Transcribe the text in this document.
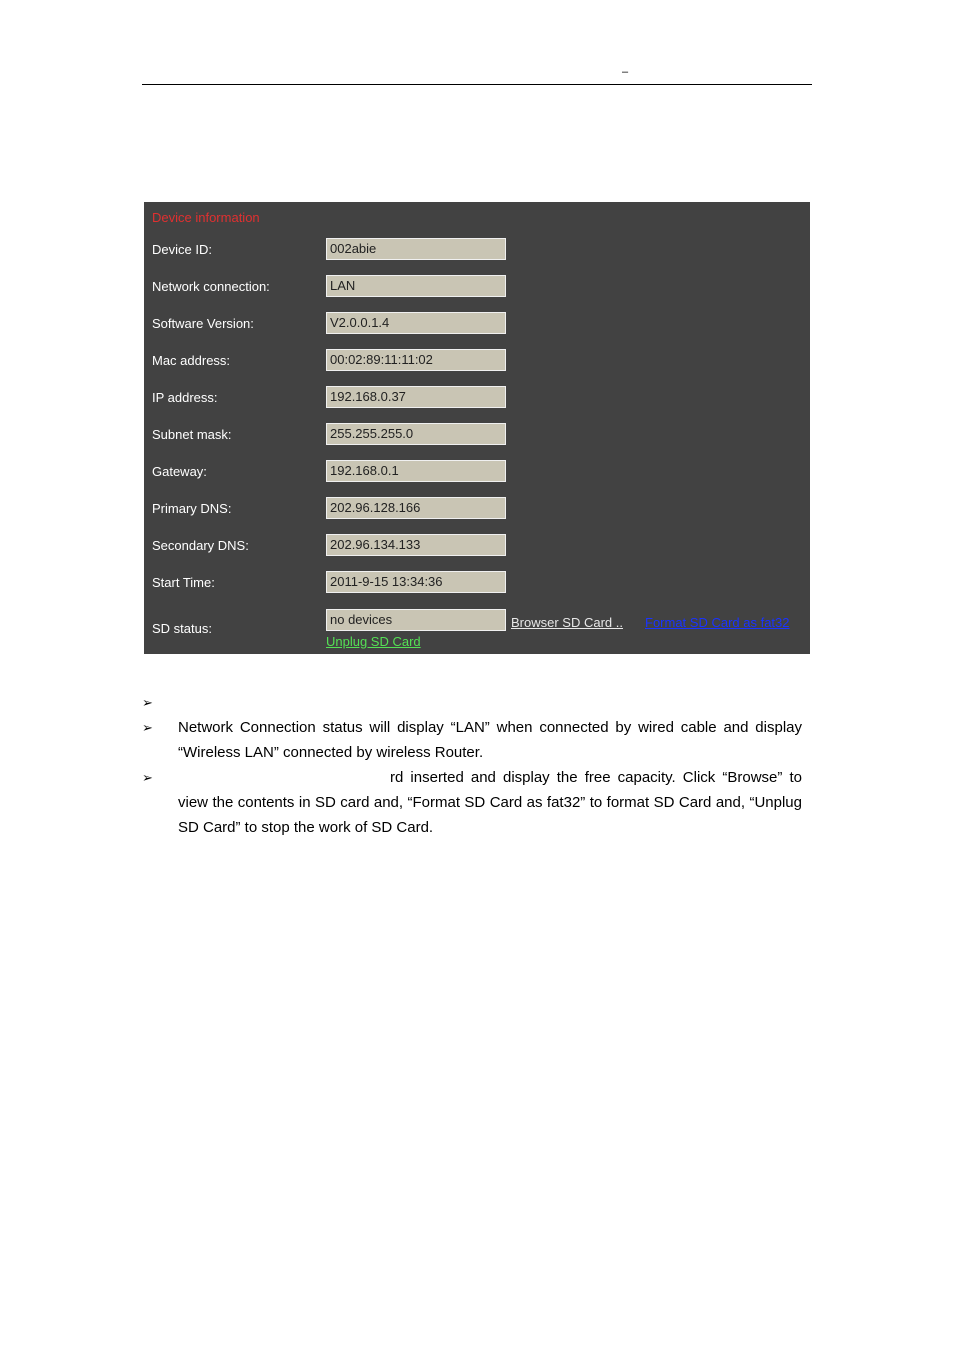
–
Device information
Device ID:	002abie
Network connection:	LAN
Software Version:	V2.0.0.1.4
Mac address:	00:02:89:11:11:02
IP address:	192.168.0.37
Subnet mask:	255.255.255.0
Gateway:	192.168.0.1
Primary DNS:	202.96.128.166
Secondary DNS:	202.96.134.133
Start Time:	2011-9-15 13:34:36
SD status:
no devices	Browser SD Card .. Format SD Card as fat32
Unplug SD Card
➢

➢ Network Connection status will display “LAN” when connected by wired cable and display “Wireless LAN” connected by wireless Router.

➢	rd inserted and display the free capacity. Click “Browse” to view the contents in SD card and, “Format SD Card as fat32” to format SD Card and, “Unplug SD Card” to stop the work of SD Card.
